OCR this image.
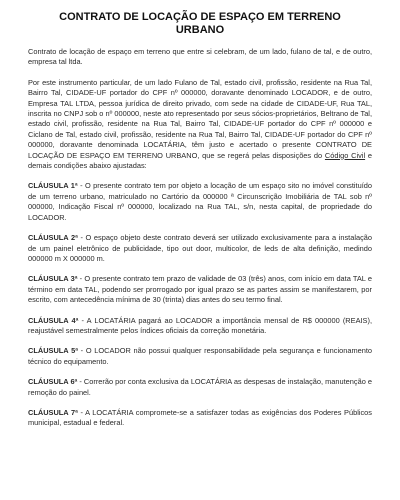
CONTRATO DE LOCAÇÃO DE ESPAÇO EM TERRENO
URBANO

Contrato de locação de espaço em terreno que entre si celebram, de um lado, fulano de tal, e de outro, empresa tal ltda.

Por este instrumento particular, de um lado Fulano de Tal, estado civil, profissão, residente na Rua Tal, Bairro Tal, CIDADE-UF portador do CPF nº 000000, doravante denominado LOCADOR, e de outro, Empresa TAL LTDA, pessoa jurídica de direito privado, com sede na cidade de CIDADE-UF, Rua TAL, inscrita no CNPJ sob o nº 000000, neste ato representado por seus sócios-proprietários, Beltrano de Tal, estado civil, profissão, residente na Rua Tal, Bairro Tal, CIDADE-UF portador do CPF nº 000000 e Ciclano de Tal, estado civil, profissão, residente na Rua Tal, Bairro Tal, CIDADE-UF portador do CPF nº 000000, doravante denominada LOCATÁRIA, têm justo e acertado o presente CONTRATO DE LOCAÇÃO DE ESPAÇO EM TERRENO URBANO, que se regerá pelas disposições do Código Civil e demais condições abaixo ajustadas:

CLÁUSULA 1ª - O presente contrato tem por objeto a locação de um espaço sito no imóvel constituído de um terreno urbano, matriculado no Cartório da 000000 ª Circunscrição Imobiliária de TAL sob nº 000000, Indicação Fiscal nº 000000, localizado na Rua TAL, s/n, nesta capital, de propriedade do LOCADOR.

CLÁUSULA 2ª - O espaço objeto deste contrato deverá ser utilizado exclusivamente para a instalação de um painel eletrônico de publicidade, tipo out door, multicolor, de leds de alta definição, medindo 000000 m X 000000 m.

CLÁUSULA 3ª - O presente contrato tem prazo de validade de 03 (três) anos, com início em data TAL e término em data TAL, podendo ser prorrogado por igual prazo se as partes assim se manifestarem, por escrito, com antecedência mínima de 30 (trinta) dias antes do seu termo final.

CLÁUSULA 4ª - A LOCATÁRIA pagará ao LOCADOR a importância mensal de R$ 000000 (REAIS), reajustável semestralmente pelos índices oficiais da correção monetária.

CLÁUSULA 5ª - O LOCADOR não possui qualquer responsabilidade pela segurança e funcionamento técnico do equipamento.

CLÁUSULA 6ª - Correrão por conta exclusiva da LOCATÁRIA as despesas de instalação, manutenção e remoção do painel.

CLÁUSULA 7ª - A LOCATÁRIA compromete-se a satisfazer todas as exigências dos Poderes Públicos municipal, estadual e federal.
